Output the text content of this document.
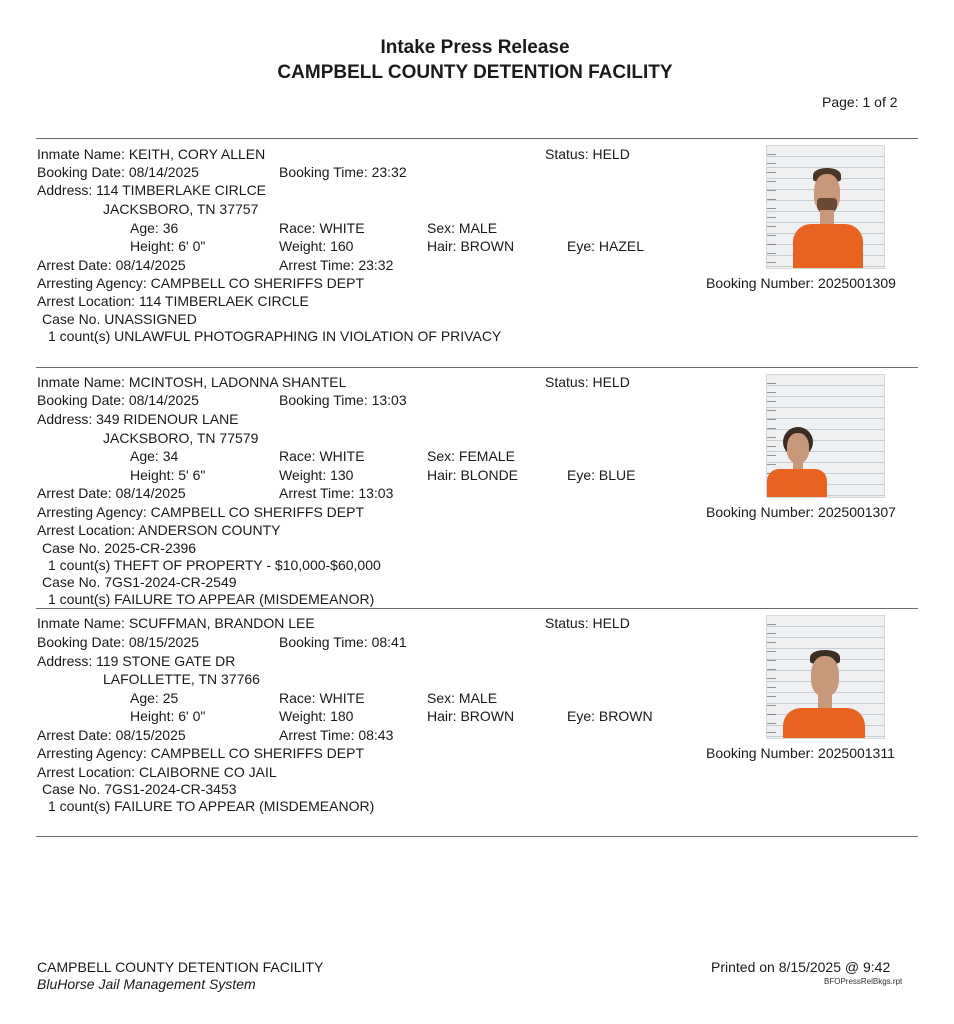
Intake Press Release
CAMPBELL COUNTY DETENTION FACILITY
Page: 1 of 2
Inmate Name: KEITH, CORY ALLEN	Status: HELD
Booking Date: 08/14/2025	Booking Time: 23:32
Address: 114 TIMBERLAKE CIRLCE
JACKSBORO, TN 37757
Age: 36	Race: WHITE	Sex: MALE
Height: 6' 0"	Weight: 160	Hair: BROWN	Eye: HAZEL
Arrest Date: 08/14/2025	Arrest Time: 23:32
Arresting Agency: CAMPBELL CO SHERIFFS DEPT	Booking Number: 2025001309
Arrest Location: 114 TIMBERLAEK CIRCLE
Case No. UNASSIGNED
1 count(s) UNLAWFUL PHOTOGRAPHING IN VIOLATION OF PRIVACY
Inmate Name: MCINTOSH, LADONNA SHANTEL	Status: HELD
Booking Date: 08/14/2025	Booking Time: 13:03
Address: 349 RIDENOUR LANE
JACKSBORO, TN 77579
Age: 34	Race: WHITE	Sex: FEMALE
Height: 5' 6"	Weight: 130	Hair: BLONDE	Eye: BLUE
Arrest Date: 08/14/2025	Arrest Time: 13:03
Arresting Agency: CAMPBELL CO SHERIFFS DEPT	Booking Number: 2025001307
Arrest Location: ANDERSON COUNTY
Case No. 2025-CR-2396
1 count(s) THEFT OF PROPERTY - $10,000-$60,000
Case No. 7GS1-2024-CR-2549
1 count(s) FAILURE TO APPEAR (MISDEMEANOR)
Inmate Name: SCUFFMAN, BRANDON LEE	Status: HELD
Booking Date: 08/15/2025	Booking Time: 08:41
Address: 119 STONE GATE DR
LAFOLLETTE, TN 37766
Age: 25	Race: WHITE	Sex: MALE
Height: 6' 0"	Weight: 180	Hair: BROWN	Eye: BROWN
Arrest Date: 08/15/2025	Arrest Time: 08:43
Arresting Agency: CAMPBELL CO SHERIFFS DEPT	Booking Number: 2025001311
Arrest Location: CLAIBORNE CO JAIL
Case No. 7GS1-2024-CR-3453
1 count(s) FAILURE TO APPEAR (MISDEMEANOR)
CAMPBELL COUNTY DETENTION FACILITY
BluHorse Jail Management System
Printed on 8/15/2025 @ 9:42
BFOPressRelBkgs.rpt
